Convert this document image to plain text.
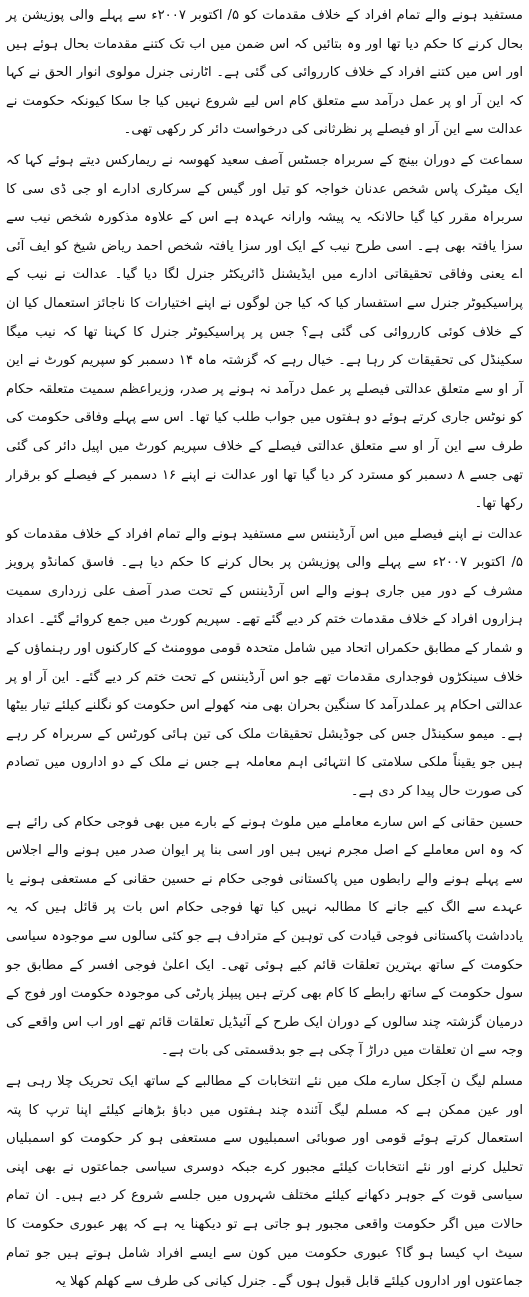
مستفید ہونے والے تمام افراد کے خلاف مقدمات کو ۵/ اکتوبر ۲۰۰۷ء سے پہلے والی پوزیشن پر بحال کرنے کا حکم دیا تھا اور وہ بتائیں کہ اس ضمن میں اب تک کتنے مقدمات بحال ہوئے ہیں اور اس میں کتنے افراد کے خلاف کارروائی کی گئی ہے۔ اٹارنی جنرل مولوی انوار الحق نے کہا کہ این آر او پر عمل درآمد سے متعلق کام اس لیے شروع نہیں کیا جا سکا کیونکہ حکومت نے عدالت سے این آر او فیصلے پر نظرثانی کی درخواست دائر کر رکھی تھی۔

سماعت کے دوران بینچ کے سربراہ جسٹس آصف سعید کھوسہ نے ریمارکس دیتے ہوئے کہا کہ ایک میٹرک پاس شخص عدنان خواجہ کو تیل اور گیس کے سرکاری ادارے او جی ڈی سی کا سربراہ مقرر کیا گیا حالانکہ یہ پیشہ وارانہ عہدہ ہے اس کے علاوہ مذکورہ شخص نیب سے سزا یافتہ بھی ہے۔ اسی طرح نیب کے ایک اور سزا یافتہ شخص احمد ریاض شیخ کو ایف آئی اے یعنی وفاقی تحقیقاتی ادارے میں ایڈیشنل ڈائریکٹر جنرل لگا دیا گیا۔ عدالت نے نیب کے پراسیکیوٹر جنرل سے استفسار کیا کہ کیا جن لوگوں نے اپنے اختیارات کا ناجائز استعمال کیا ان کے خلاف کوئی کارروائی کی گئی ہے؟ جس پر پراسیکیوٹر جنرل کا کہنا تھا کہ نیب میگا سکینڈل کی تحقیقات کر رہا ہے۔ خیال رہے کہ گزشتہ ماہ ۱۴ دسمبر کو سپریم کورٹ نے این آر او سے متعلق عدالتی فیصلے پر عمل درآمد نہ ہونے پر صدر، وزیراعظم سمیت متعلقہ حکام کو نوٹس جاری کرتے ہوئے دو ہفتوں میں جواب طلب کیا تھا۔ اس سے پہلے وفاقی حکومت کی طرف سے این آر او سے متعلق عدالتی فیصلے کے خلاف سپریم کورٹ میں اپیل دائر کی گئی تھی جسے ۸ دسمبر کو مسترد کر دیا گیا تھا اور عدالت نے اپنے ۱۶ دسمبر کے فیصلے کو برقرار رکھا تھا۔

عدالت نے اپنے فیصلے میں اس آرڈیننس سے مستفید ہونے والے تمام افراد کے خلاف مقدمات کو ۵/ اکتوبر ۲۰۰۷ء سے پہلے والی پوزیشن پر بحال کرنے کا حکم دیا ہے۔ فاسق کمانڈو پرویز مشرف کے دور میں جاری ہونے والے اس آرڈیننس کے تحت صدر آصف علی زرداری سمیت ہزاروں افراد کے خلاف مقدمات ختم کر دیے گئے تھے۔ سپریم کورٹ میں جمع کروائے گئے۔ اعداد و شمار کے مطابق حکمراں اتحاد میں شامل متحدہ قومی موومنٹ کے کارکنوں اور رہنماؤں کے خلاف سینکڑوں فوجداری مقدمات تھے جو اس آرڈیننس کے تحت ختم کر دیے گئے۔ این آر او پر عدالتی احکام پر عملدرآمد کا سنگین بحران بھی منہ کھولے اس حکومت کو نگلنے کیلئے تیار بیٹھا ہے۔ میمو سکینڈل جس کی جوڈیشل تحقیقات ملک کی تین ہائی کورٹس کے سربراہ کر رہے ہیں جو یقیناً ملکی سلامتی کا انتہائی اہم معاملہ ہے جس نے ملک کے دو اداروں میں تصادم کی صورت حال پیدا کر دی ہے۔

حسین حقانی کے اس سارے معاملے میں ملوث ہونے کے بارے میں بھی فوجی حکام کی رائے ہے کہ وہ اس معاملے کے اصل مجرم نہیں ہیں اور اسی بنا پر ایوان صدر میں ہونے والے اجلاس سے پہلے ہونے والے رابطوں میں پاکستانی فوجی حکام نے حسین حقانی کے مستعفی ہونے یا عہدے سے الگ کیے جانے کا مطالبہ نہیں کیا تھا فوجی حکام اس بات پر قائل ہیں کہ یہ یادداشت پاکستانی فوجی قیادت کی توہین کے مترادف ہے جو کئی سالوں سے موجودہ سیاسی حکومت کے ساتھ بہترین تعلقات قائم کیے ہوئی تھی۔ ایک اعلیٰ فوجی افسر کے مطابق جو سول حکومت کے ساتھ رابطے کا کام بھی کرتے ہیں پیپلز پارٹی کی موجودہ حکومت اور فوج کے درمیان گزشتہ چند سالوں کے دوران ایک طرح کے آئیڈیل تعلقات قائم تھے اور اب اس واقعے کی وجہ سے ان تعلقات میں دراڑ آ چکی ہے جو بدقسمتی کی بات ہے۔

مسلم لیگ ن آجکل سارے ملک میں نئے انتخابات کے مطالبے کے ساتھ ایک تحریک چلا رہی ہے اور عین ممکن ہے کہ مسلم لیگ آئندہ چند ہفتوں میں دباؤ بڑھانے کیلئے اپنا ترپ کا پتہ استعمال کرتے ہوئے قومی اور صوبائی اسمبلیوں سے مستعفی ہو کر حکومت کو اسمبلیاں تحلیل کرنے اور نئے انتخابات کیلئے مجبور کرے جبکہ دوسری سیاسی جماعتوں نے بھی اپنی سیاسی قوت کے جوہر دکھانے کیلئے مختلف شہروں میں جلسے شروع کر دیے ہیں۔ ان تمام حالات میں اگر حکومت واقعی مجبور ہو جاتی ہے تو دیکھنا یہ ہے کہ پھر عبوری حکومت کا سیٹ اپ کیسا ہو گا؟ عبوری حکومت میں کون سے ایسے افراد شامل ہوتے ہیں جو تمام جماعتوں اور اداروں کیلئے قابل قبول ہوں گے۔ جنرل کیانی کی طرف سے کھلم کھلا یہ
